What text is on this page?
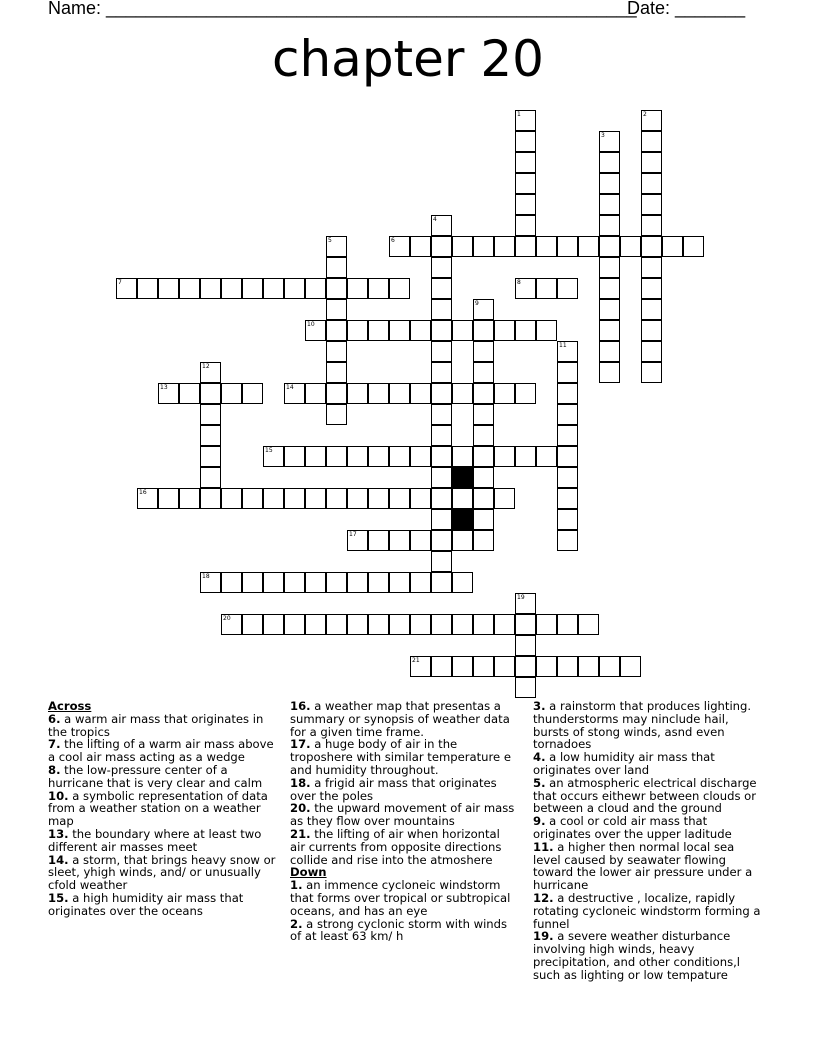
Name: _____________________________________________________
Date: _______
chapter 20
6
7	8
10
13	14
15
16
17
18
20
21
1	2
3
4
5
9
11
12
19

Across

6. a warm air mass that originates in the tropics

7. the lifting of a warm air mass above a cool air mass acting as a wedge

8. the low-pressure center of a hurricane that is very clear and calm

10. a symbolic representation of data from a weather station on a weather map

13. the boundary where at least two different air masses meet

14. a storm, that brings heavy snow or sleet, yhigh winds, and/ or unusually cfold weather

15. a high humidity air mass that originates over the oceans

16. a weather map that presentas a summary or synopsis of weather data for a given time frame.

17. a huge body of air in the troposhere with similar temperature e and humidity throughout.

18. a frigid air mass that originates over the poles

20. the upward movement of air mass as they flow over mountains

21. the lifting of air when horizontal air currents from opposite directions collide and rise into the atmoshere

Down

1. an immence cycloneic windstorm that forms over tropical or subtropical oceans, and has an eye

2. a strong cyclonic storm with winds of at least 63 km/ h

3. a rainstorm that produces lighting. thunderstorms may ninclude hail, bursts of stong winds, asnd even tornadoes

4. a low humidity air mass that originates over land

5. an atmospheric electrical discharge that occurs eithewr between clouds or between a cloud and the ground

9. a cool or cold air mass that originates over the upper laditude

11. a higher then normal local sea level caused by seawater flowing toward the lower air pressure under a hurricane

12. a destructive , localize, rapidly rotating cycloneic windstorm forming a funnel

19. a severe weather disturbance involving high winds, heavy precipitation, and other conditions,l such as lighting or low tempature
